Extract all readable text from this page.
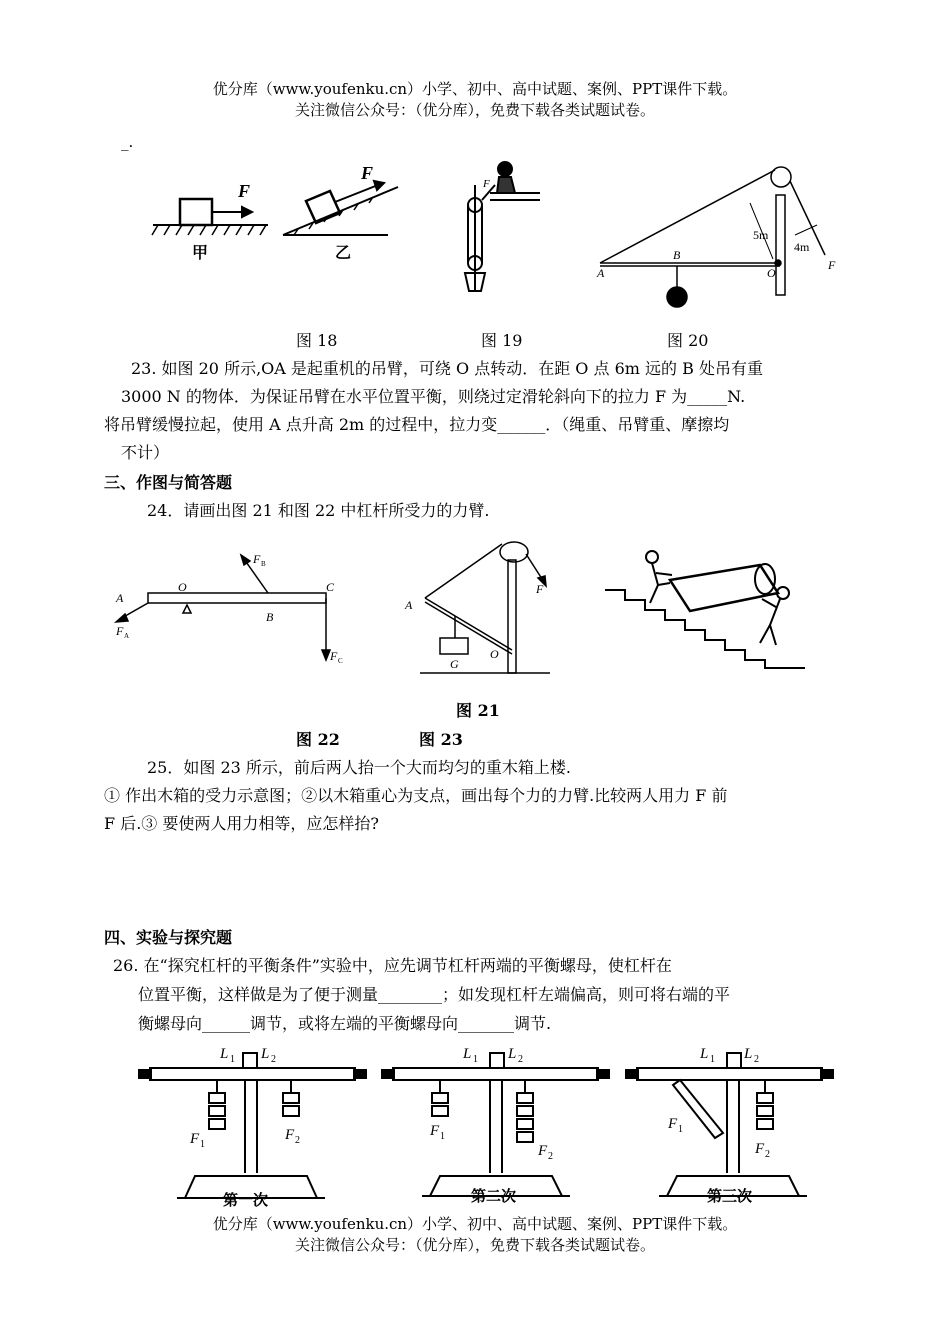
优分库（www.youfenku.cn）小学、初中、高中试题、案例、PPT课件下载。
关注微信公众号：（优分库），免费下载各类试题试卷。
_.
F
F
甲	乙
F
A
B
O
F
5m
4m
图 18	图 19	图 20
23. 如图 20 所示,OA 是起重机的吊臂，可绕 O 点转动．在距 O 点 6m 远的 B 处吊有重
3000 N 的物体．为保证吊臂在水平位置平衡，则绕过定滑轮斜向下的拉力 F 为_____N.
将吊臂缓慢拉起，使用 A 点升高 2m 的过程中，拉力变______．（绳重、吊臂重、摩擦均
不计）
三、作图与简答题
24．请画出图 21 和图 22 中杠杆所受力的力臂.
A
F A
O
F B
B
C
F C
A
O
F
G
图 21
图 22	图 23
25．如图 23 所示，前后两人抬一个大而均匀的重木箱上楼.
① 作出木箱的受力示意图；②以木箱重心为支点，画出每个力的力臂.比较两人用力 F 前
F 后.③ 要使两人用力相等，应怎样抬?
四、实验与探究题
26. 在“探究杠杆的平衡条件”实验中，应先调节杠杆两端的平衡螺母，使杠杆在
位置平衡，这样做是为了便于测量________；如发现杠杆左端偏高，则可将右端的平
衡螺母向______调节，或将左端的平衡螺母向_______调节.
L 1 L 2
F 1
F 2
第一次
L 1 L 2
F 1
F 2
第二次
L 1 L 2
F 1
F 2
第三次
优分库（www.youfenku.cn）小学、初中、高中试题、案例、PPT课件下载。
关注微信公众号：（优分库），免费下载各类试题试卷。
